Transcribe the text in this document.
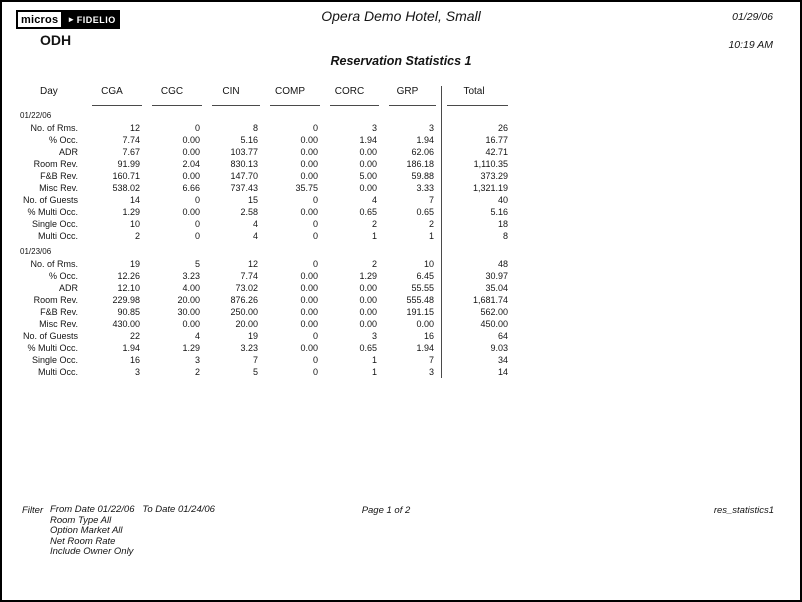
micros	► FIDELIO
ODH
Opera Demo Hotel, Small	01/29/06
10:19 AM
Reservation Statistics 1
Day	CGA	CGC	CIN	COMP	CORC	GRP	Total
01/22/06
No. of Rms.	12	0	8	0	3	3	26
% Occ.	7.74	0.00	5.16	0.00	1.94	1.94	16.77
ADR	7.67	0.00	103.77	0.00	0.00	62.06	42.71
Room Rev.	91.99	2.04	830.13	0.00	0.00	186.18	1,110.35
F&B Rev.	160.71	0.00	147.70	0.00	5.00	59.88	373.29
Misc Rev.	538.02	6.66	737.43	35.75	0.00	3.33	1,321.19
No. of Guests	14	0	15	0	4	7	40
% Multi Occ.	1.29	0.00	2.58	0.00	0.65	0.65	5.16
Single Occ.	10	0	4	0	2	2	18
Multi Occ.	2	0	4	0	1	1	8
01/23/06
No. of Rms.	19	5	12	0	2	10	48
% Occ.	12.26	3.23	7.74	0.00	1.29	6.45	30.97
ADR	12.10	4.00	73.02	0.00	0.00	55.55	35.04
Room Rev.	229.98	20.00	876.26	0.00	0.00	555.48	1,681.74
F&B Rev.	90.85	30.00	250.00	0.00	0.00	191.15	562.00
Misc Rev.	430.00	0.00	20.00	0.00	0.00	0.00	450.00
No. of Guests	22	4	19	0	3	16	64
% Multi Occ.	1.94	1.29	3.23	0.00	0.65	1.94	9.03
Single Occ.	16	3	7	0	1	7	34
Multi Occ.	3	2	5	0	1	3	14
Filter From Date 01/22/06   To Date 01/24/06
Room Type All
Option Market All
Net Room Rate
Include Owner Only
Page 1 of 2	res_statistics1
